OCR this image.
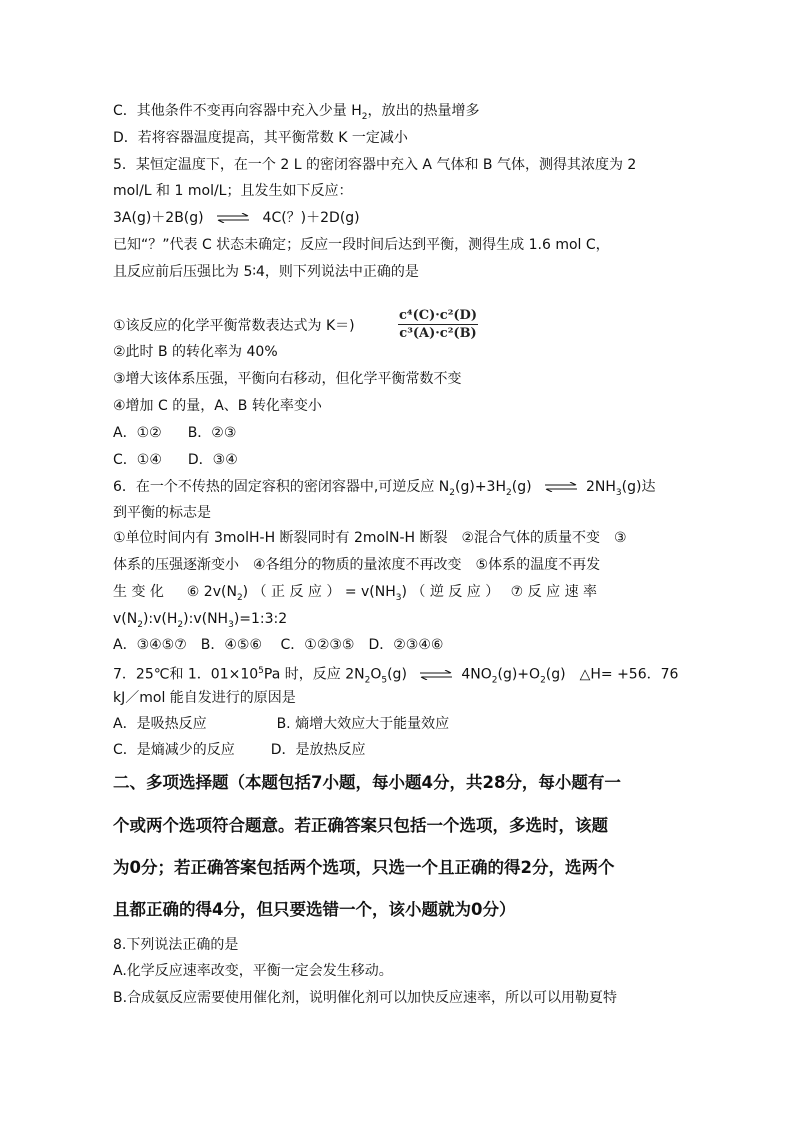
C．其他条件不变再向容器中充入少量 $H_2$，放出的热量增多
D．若将容器温度提高，其平衡常数 K 一定减小
5．某恒定温度下，在一个 2 L 的密闭容器中充入 A 气体和 B 气体，测得其浓度为 2
mol/L 和 1 mol/L；且发生如下反应：
3A(g)＋2B(g) ⇌ 4C(？)＋2D(g)
已知“？”代表 C 状态未确定；反应一段时间后达到平衡，测得生成 1.6 mol C，
且反应前后压强比为 5∶4，则下列说法中正确的是
①该反应的化学平衡常数表达式为 K＝)
c⁴(C)·c²(D)
c³(A)·c²(B)
②此时 B 的转化率为 40%
③增大该体系压强，平衡向右移动，但化学平衡常数不变
④增加 C 的量，A、B 转化率变小
A．①② B．②③
C．①④ D．③④
6．在一个不传热的固定容积的密闭容器中,可逆反应 $N_2(g)+3H_2(g)$ ⇌ $2NH_3(g)$达
到平衡的标志是
①单位时间内有 3molH-H 断裂同时有 2molN-H 断裂　②混合气体的质量不变　③
体系的压强逐渐变小　④各组分的物质的量浓度不再改变　⑤体系的温度不再发
生 变 化 　 ⑥ $2v(N_2)$ （ 正 反 应 ） = $v(NH_3)$ （ 逆 反 应 ）　 ⑦ 反 应 速 率
$v(N_2):v(H_2):v(NH_3)=1:3:2$
A．③④⑤⑦　B．④⑤⑥　 C．①②③⑤　D．②③④⑥
7．25℃和 1．$01\times 10^5Pa$ 时，反应 $2N_2O_5(g)$ ⇌ $4NO_2(g)+O_2(g)$　△H= +56．76
kJ／mol 能自发进行的原因是
A．是吸热反应	B. 熵增大效应大于能量效应
C．是熵减少的反应	D．是放热反应
二、多项选择题（本题包括7小题，每小题4分，共28分，每小题有一
个或两个选项符合题意。若正确答案只包括一个选项，多选时，该题
为0分；若正确答案包括两个选项，只选一个且正确的得2分，选两个
且都正确的得4分，但只要选错一个，该小题就为0分）
8.下列说法正确的是
A.化学反应速率改变，平衡一定会发生移动。
B.合成氨反应需要使用催化剂，说明催化剂可以加快反应速率，所以可以用勒夏特
